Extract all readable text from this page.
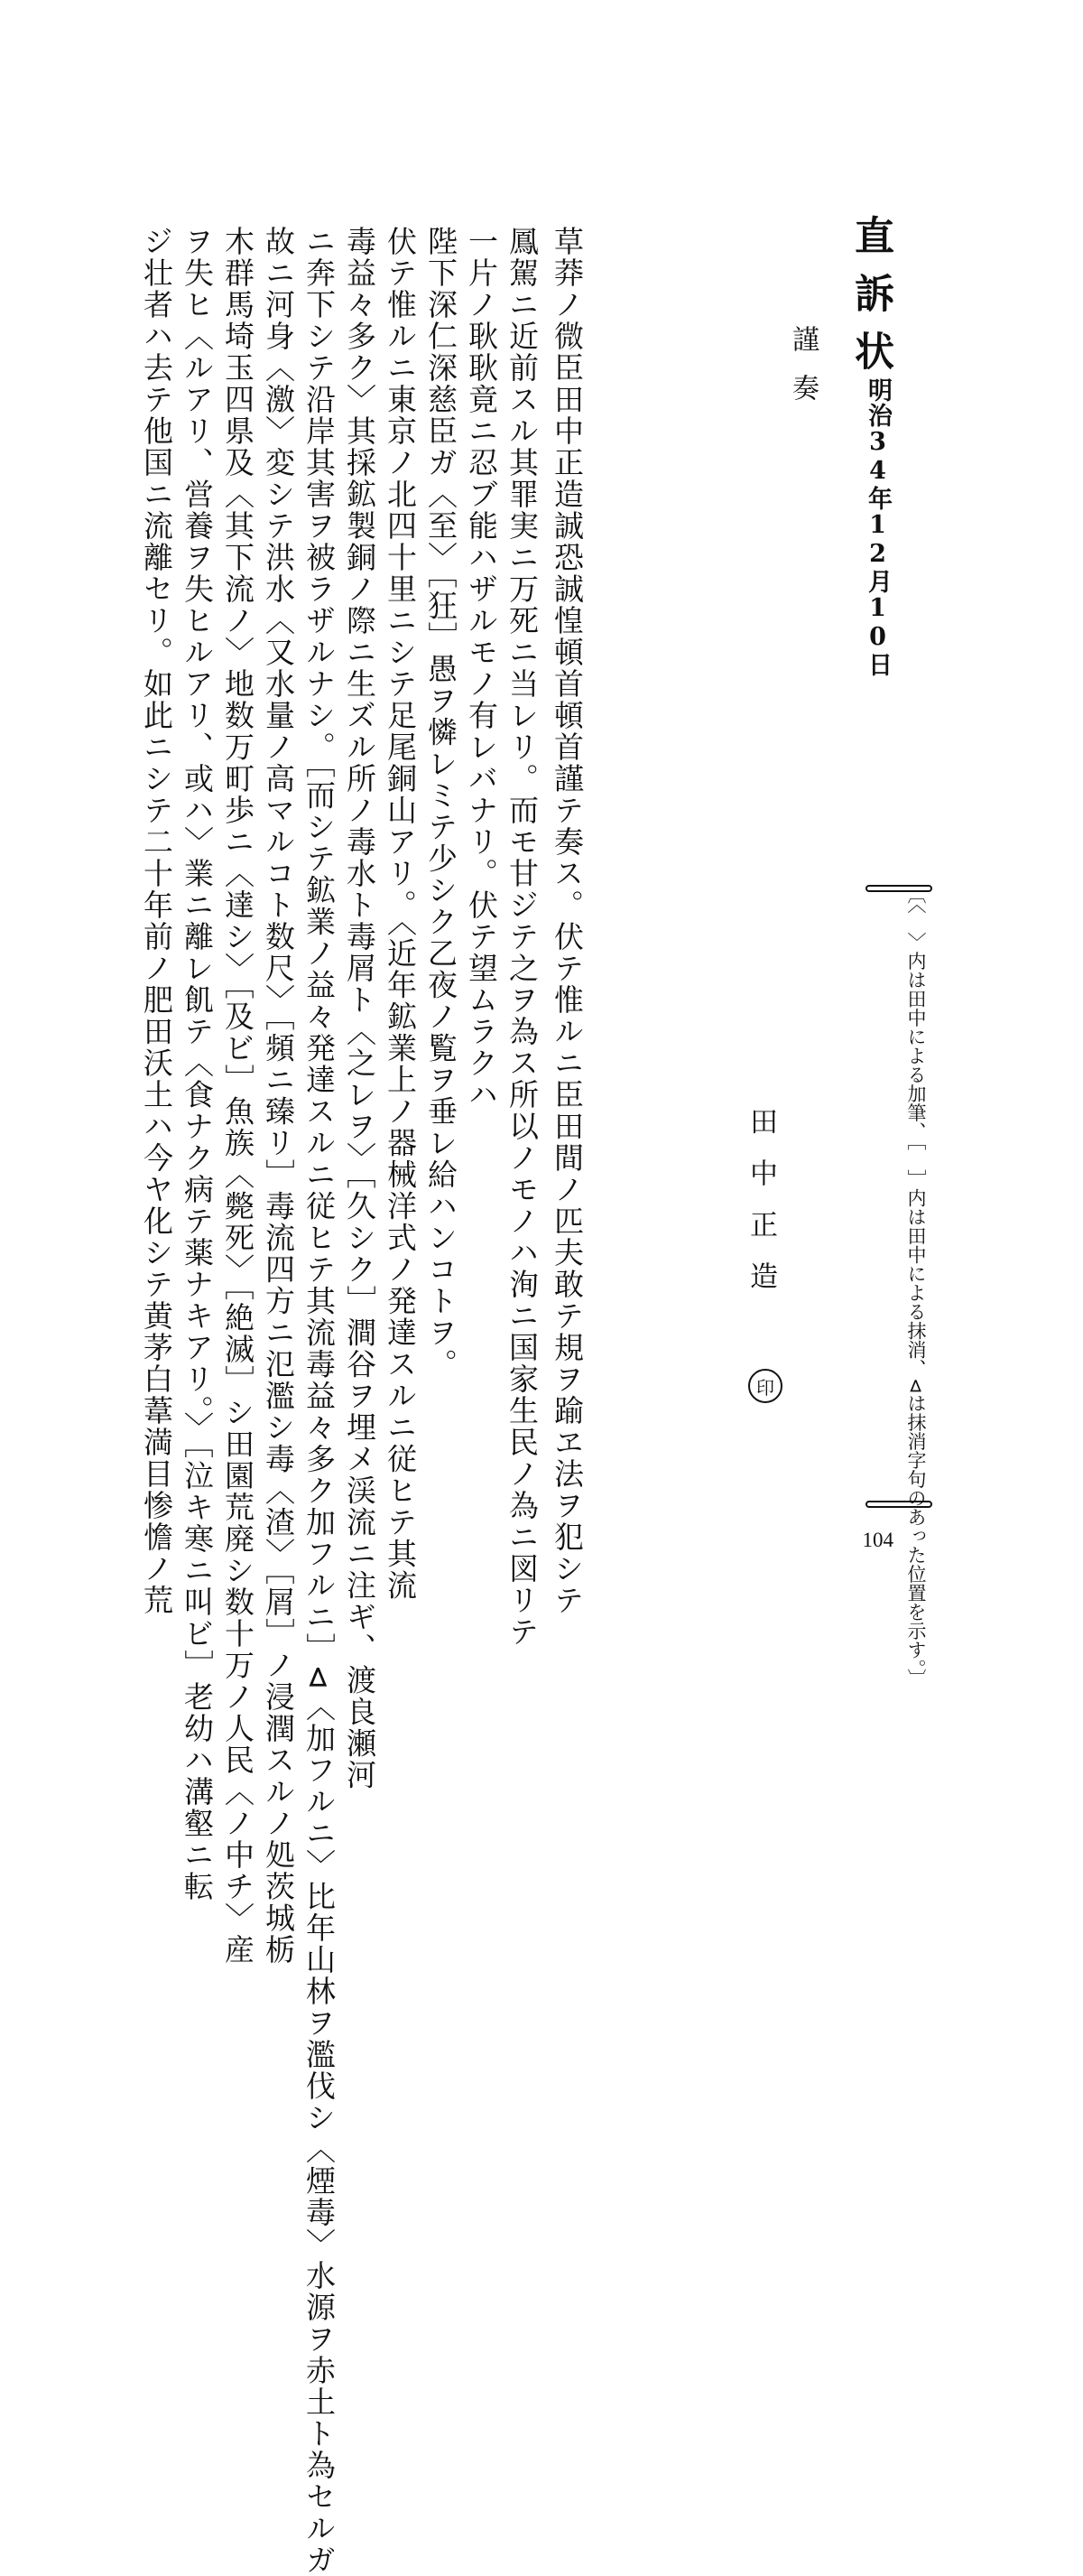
直訴状
明治34年12月10日
〔〈　〉内は田中による加筆、［　］内は田中による抹消、⊲は抹消字句のあった位置を示す。〕
謹奏
田中正造
印
草莽ノ微臣田中正造誠恐誠惶頓首頓首謹テ奏ス。伏テ惟ルニ臣田間ノ匹夫敢テ規ヲ踰ヱ法ヲ犯シテ
鳳駕ニ近前スル其罪実ニ万死ニ当レリ。而モ甘ジテ之ヲ為ス所以ノモノハ洵ニ国家生民ノ為ニ図リテ
一片ノ耿耿竟ニ忍ブ能ハザルモノ有レバナリ。伏テ望ムラクハ
陛下深仁深慈臣ガ〈至〉［狂］愚ヲ憐レミテ少シク乙夜ノ覧ヲ垂レ給ハンコトヲ。
伏テ惟ルニ東京ノ北四十里ニシテ足尾銅山アリ。〈近年鉱業上ノ器械洋式ノ発達スルニ従ヒテ其流
毒益々多ク〉其採鉱製銅ノ際ニ生ズル所ノ毒水ト毒屑ト〈之レヲ〉［久シク］澗谷ヲ埋メ渓流ニ注ギ、渡良瀬河
ニ奔下シテ沿岸其害ヲ被ラザルナシ。［而シテ鉱業ノ益々発達スルニ従ヒテ其流毒益々多ク加フルニ］⊲〈加フルニ〉比年山林ヲ濫伐シ〈煙毒〉水源ヲ赤土ト為セルガ
故ニ河身〈激〉変シテ洪水〈又水量ノ高マルコト数尺〉［頻ニ臻リ］毒流四方ニ氾濫シ毒〈渣〉［屑］ノ浸潤スルノ処茨城栃
木群馬埼玉四県及〈其下流ノ〉地数万町歩ニ〈達シ〉［及ビ］魚族〈斃死〉［絶滅］シ田園荒廃シ数十万ノ人民〈ノ中チ〉産
ヲ失ヒ〈ルアリ、営養ヲ失ヒルアリ、或ハ〉業ニ離レ飢テ〈食ナク病テ薬ナキアリ。〉［泣キ寒ニ叫ビ］老幼ハ溝壑ニ転
ジ壮者ハ去テ他国ニ流離セリ。如此ニシテ二十年前ノ肥田沃土ハ今ヤ化シテ黄茅白葦満目惨憺ノ荒	104
